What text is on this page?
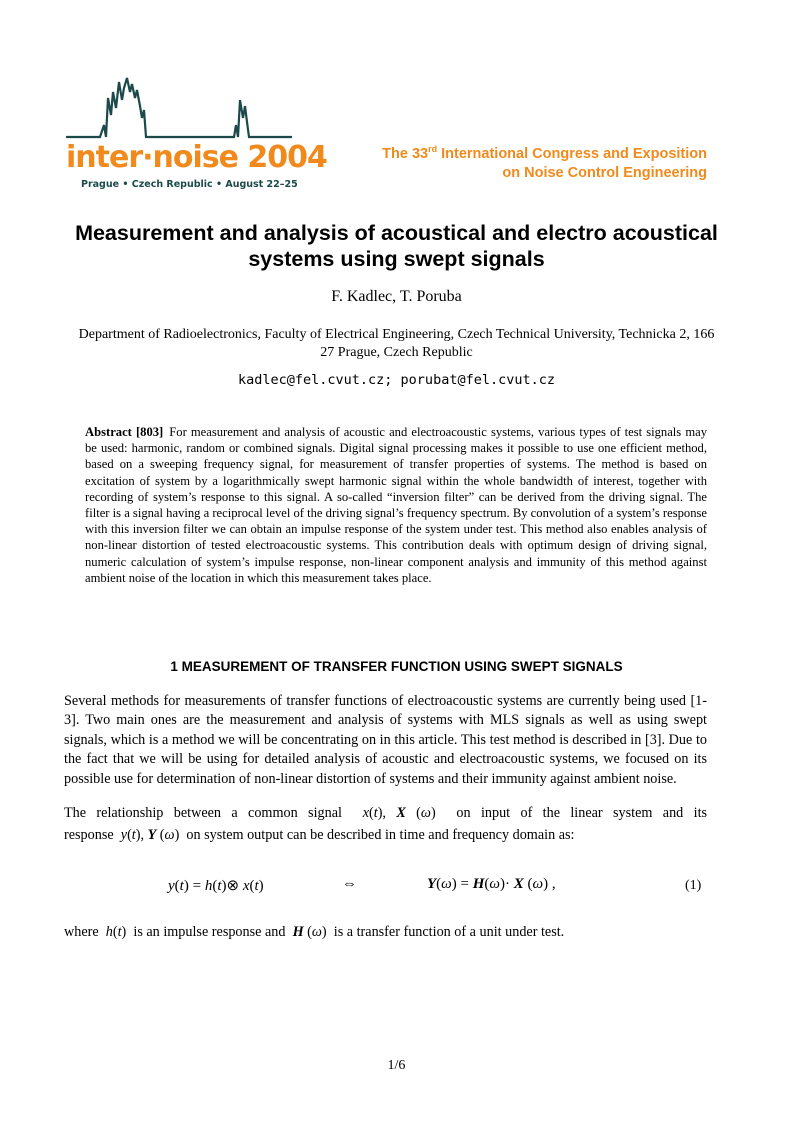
inter·noise 2004
Prague • Czech Republic • August 22–25
The 33rd International Congress and Exposition
on Noise Control Engineering
Measurement and analysis of acoustical and electro acoustical systems using swept signals
F. Kadlec, T. Poruba
Department of Radioelectronics, Faculty of Electrical Engineering, Czech Technical University, Technicka 2, 166 27 Prague, Czech Republic
kadlec@fel.cvut.cz; porubat@fel.cvut.cz
Abstract [803] For measurement and analysis of acoustic and electroacoustic systems, various types of test signals may be used: harmonic, random or combined signals. Digital signal processing makes it possible to use one efficient method, based on a sweeping frequency signal, for measurement of transfer properties of systems. The method is based on excitation of system by a logarithmically swept harmonic signal within the whole bandwidth of interest, together with recording of system’s response to this signal. A so-called “inversion filter” can be derived from the driving signal. The filter is a signal having a reciprocal level of the driving signal’s frequency spectrum. By convolution of a system’s response with this inversion filter we can obtain an impulse response of the system under test. This method also enables analysis of non-linear distortion of tested electroacoustic systems. This contribution deals with optimum design of driving signal, numeric calculation of system’s impulse response, non-linear component analysis and immunity of this method against ambient noise of the location in which this measurement takes place.
1 MEASUREMENT OF TRANSFER FUNCTION USING SWEPT SIGNALS

Several methods for measurements of transfer functions of electroacoustic systems are currently being used [1-3]. Two main ones are the measurement and analysis of systems with MLS signals as well as using swept signals, which is a method we will be concentrating on in this article. This test method is described in [3]. Due to the fact that we will be using for detailed analysis of acoustic and electroacoustic systems, we focused on its possible use for determination of non-linear distortion of systems and their immunity against ambient noise.

The relationship between a common signal x(t), X (ω) on input of the linear system and its
response y(t), Y (ω) on system output can be described in time and frequency domain as:
y(t) = h(t)⊗ x(t)	⇔	Y(ω) = H(ω)· X (ω) ,	(1)
where h(t) is an impulse response and H (ω) is a transfer function of a unit under test.
1/6
